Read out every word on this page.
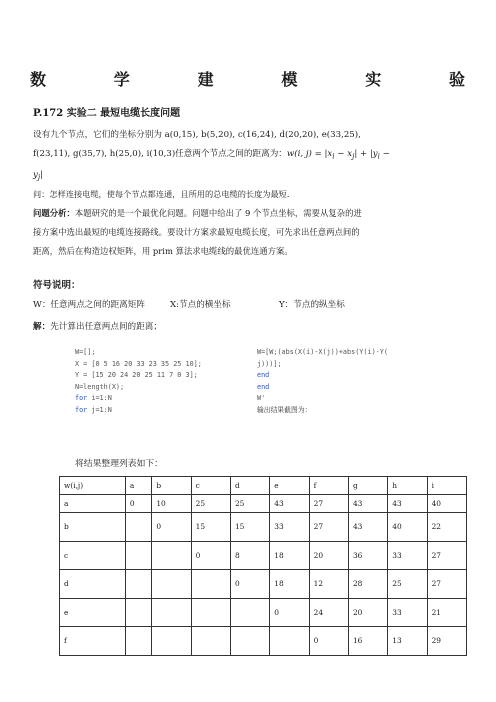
数	学	建	模	实	验
P.172 实验二 最短电缆长度问题
设有九个节点，它们的坐标分别为 a(0,15), b(5,20), c(16,24), d(20,20), e(33,25),
f(23,11), g(35,7), h(25,0), i(10,3)任意两个节点之间的距离为：w(i, $j) = |x_i - x_j| + |y_i$ −
$y_j|$
问：怎样连接电缆，使每个节点都连通，且所用的总电缆的长度为最短.
问题分析：本题研究的是一个最优化问题。问题中给出了 9 个节点坐标，需要从复杂的进
接方案中选出最短的电缆连接路线。要设计方案求最短电缆长度，可先求出任意两点间的
距离，然后在构造边权矩阵，用 prim 算法求电缆线的最优连通方案。
符号说明：
W：任意两点之间的距离矩阵	X:节点的横坐标	Y：节点的纵坐标
解：先计算出任意两点间的距离；
W=[];
X = [0 5 16 20 33 23 35 25 10];
Y = [15 20 24 20 25 11 7 0 3];
N=length(X);
for i=1:N
for j=1:N
W=[W;(abs(X(i)-X(j))+abs(Y(i)-Y(
j)))];
end
end
W'
输出结果截图为：
将结果整理列表如下：
w(i,j)	a	b	c	d	e	f	g	h	i
a	0	10	25	25	43	27	43	43	40
b		0	15	15	33	27	43	40	22
c			0	8	18	20	36	33	27
d				0	18	12	28	25	27
e					0	24	20	33	21
f						0	16	13	29
